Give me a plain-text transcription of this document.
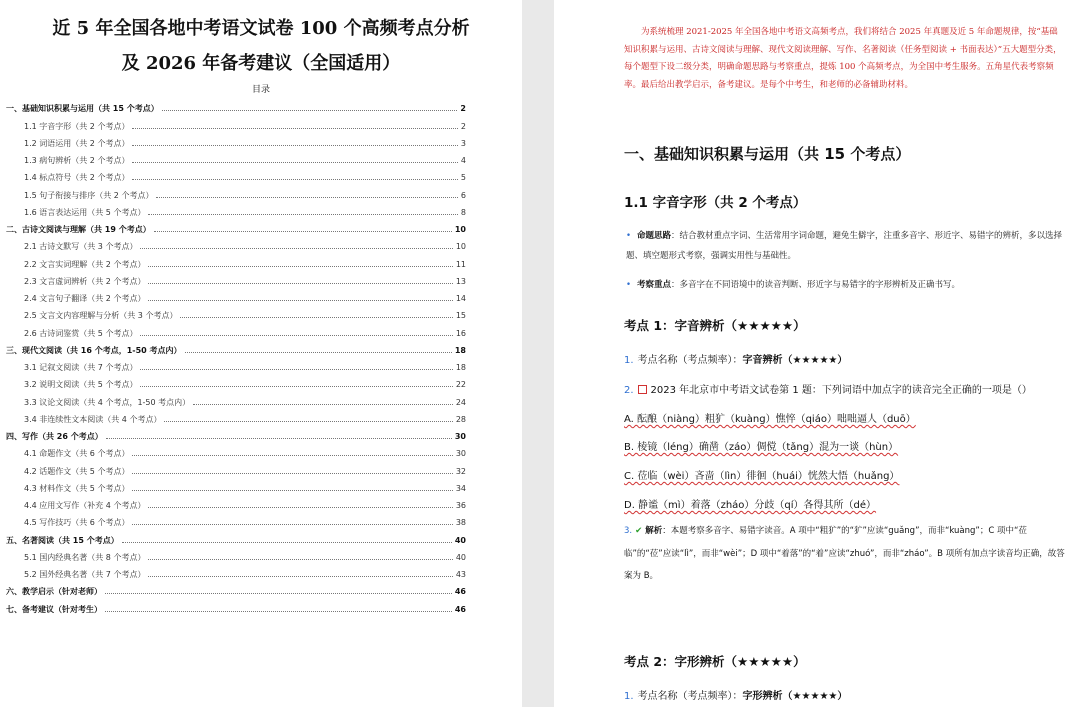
近 5 年全国各地中考语文试卷 100 个高频考点分析
及 2026 年备考建议（全国适用）
目录
一、基础知识积累与运用（共 15 个考点）	2
1.1 字音字形（共 2 个考点）	2
1.2 词语运用（共 2 个考点）	3
1.3 病句辨析（共 2 个考点）	4
1.4 标点符号（共 2 个考点）	5
1.5 句子衔接与排序（共 2 个考点）	6
1.6 语言表达运用（共 5 个考点）	8
二、古诗文阅读与理解（共 19 个考点）	10
2.1 古诗文默写（共 3 个考点）	10
2.2 文言实词理解（共 2 个考点）	11
2.3 文言虚词辨析（共 2 个考点）	13
2.4 文言句子翻译（共 2 个考点）	14
2.5 文言文内容理解与分析（共 3 个考点）	15
2.6 古诗词鉴赏（共 5 个考点）	16
三、现代文阅读（共 16 个考点，1-50 考点内）	18
3.1 记叙文阅读（共 7 个考点）	18
3.2 说明文阅读（共 5 个考点）	22
3.3 议论文阅读（共 4 个考点，1-50 考点内）	24
3.4 非连续性文本阅读（共 4 个考点）	28
四、写作（共 26 个考点）	30
4.1 命题作文（共 6 个考点）	30
4.2 话题作文（共 5 个考点）	32
4.3 材料作文（共 5 个考点）	34
4.4 应用文写作（补充 4 个考点）	36
4.5 写作技巧（共 6 个考点）	38
五、名著阅读（共 15 个考点）	40
5.1 国内经典名著（共 8 个考点）	40
5.2 国外经典名著（共 7 个考点）	43
六、教学启示（针对老师）	46
七、备考建议（针对考生）	46
为系统梳理 2021-2025 年全国各地中考语文高频考点，我们将结合 2025 年真题及近 5 年命题规律，按“基础知识积累与运用、古诗文阅读与理解、现代文阅读理解、写作、名著阅读（任务型阅读 + 书面表达）”五大题型分类，每个题型下设二级分类，明确命题思路与考察重点，提炼 100 个高频考点，为全国中考生服务。五角星代表考察频率。最后给出教学启示，备考建议。是每个中考生，和老师的必备辅助材料。
一、基础知识积累与运用（共 15 个考点）
1.1 字音字形（共 2 个考点）
• 命题思路：结合教材重点字词、生活常用字词命题，避免生僻字，注重多音字、形近字、易错字的辨析，多以选择题、填空题形式考察，强调实用性与基础性。
• 考察重点：多音字在不同语境中的读音判断、形近字与易错字的字形辨析及正确书写。
考点 1：字音辨析（★★★★★）
1. 考点名称（考点频率）：字音辨析（★★★★★）
2. 2023 年北京市中考语文试卷第 1 题：下列词语中加点字的读音完全正确的一项是（）
A. 酝酿（niàng）粗犷（kuàng）憔悴（qiáo）咄咄逼人（duō）
B. 棱镜（léng）确凿（záo）倜傥（tǎng）混为一谈（hùn）
C. 莅临（wèi）吝啬（lìn）徘徊（huái）恍然大悟（huǎng）
D. 静谧（mì）着落（zháo）分歧（qí）各得其所（dé）
3. ✔ 解析：本题考察多音字、易错字读音。A 项中“粗犷”的“犷”应读“guǎng”，而非“kuàng”；C 项中“莅临”的“莅”应读“lì”，而非“wèi”；D 项中“着落”的“着”应读“zhuó”，而非“zháo”。B 项所有加点字读音均正确，故答案为 B。
考点 2：字形辨析（★★★★★）
1. 考点名称（考点频率）：字形辨析（★★★★★）
